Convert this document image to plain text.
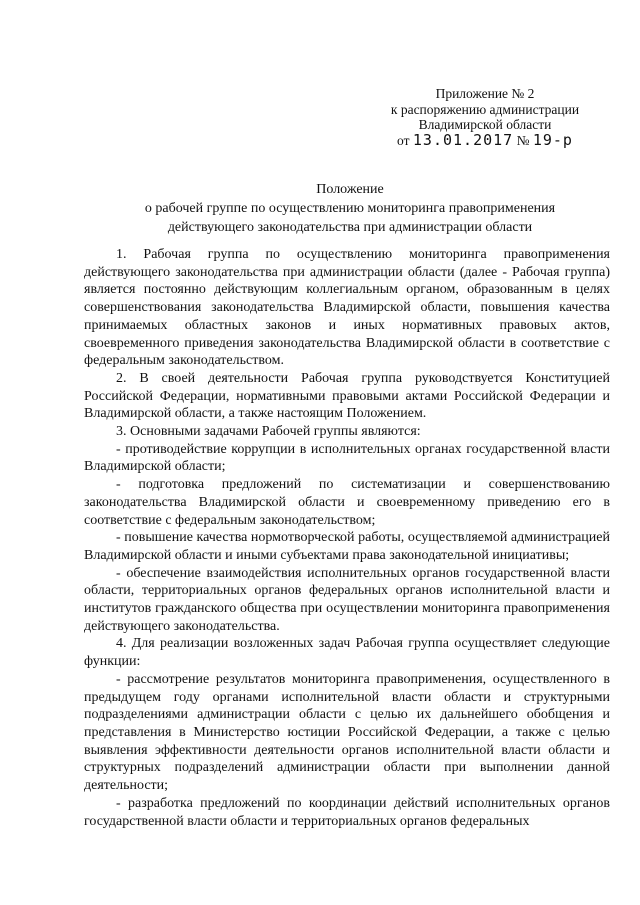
Приложение № 2
к распоряжению администрации
Владимирской области
от 13.01.2017 № 19-р
Положение
о рабочей группе по осуществлению мониторинга правоприменения
действующего законодательства при администрации области

1. Рабочая группа по осуществлению мониторинга правоприменения действующего законодательства при администрации области (далее - Рабочая группа) является постоянно действующим коллегиальным органом, образованным в целях совершенствования законодательства Владимирской области, повышения качества принимаемых областных законов и иных нормативных правовых актов, своевременного приведения законодательства Владимирской области в соответствие с федеральным законодательством.

2. В своей деятельности Рабочая группа руководствуется Конституцией Российской Федерации, нормативными правовыми актами Российской Федерации и Владимирской области, а также настоящим Положением.

3. Основными задачами Рабочей группы являются:

- противодействие коррупции в исполнительных органах государственной власти Владимирской области;

- подготовка предложений по систематизации и совершенствованию законодательства Владимирской области и своевременному приведению его в соответствие с федеральным законодательством;

- повышение качества нормотворческой работы, осуществляемой администрацией Владимирской области и иными субъектами права законодательной инициативы;

- обеспечение взаимодействия исполнительных органов государственной власти области, территориальных органов федеральных органов исполнительной власти и институтов гражданского общества при осуществлении мониторинга правоприменения действующего законодательства.

4. Для реализации возложенных задач Рабочая группа осуществляет следующие функции:

- рассмотрение результатов мониторинга правоприменения, осуществленного в предыдущем году органами исполнительной власти области и структурными подразделениями администрации области с целью их дальнейшего обобщения и представления в Министерство юстиции Российской Федерации, а также с целью выявления эффективности деятельности органов исполнительной власти области и структурных подразделений администрации области при выполнении данной деятельности;

- разработка предложений по координации действий исполнительных органов государственной власти области и территориальных органов федеральных
